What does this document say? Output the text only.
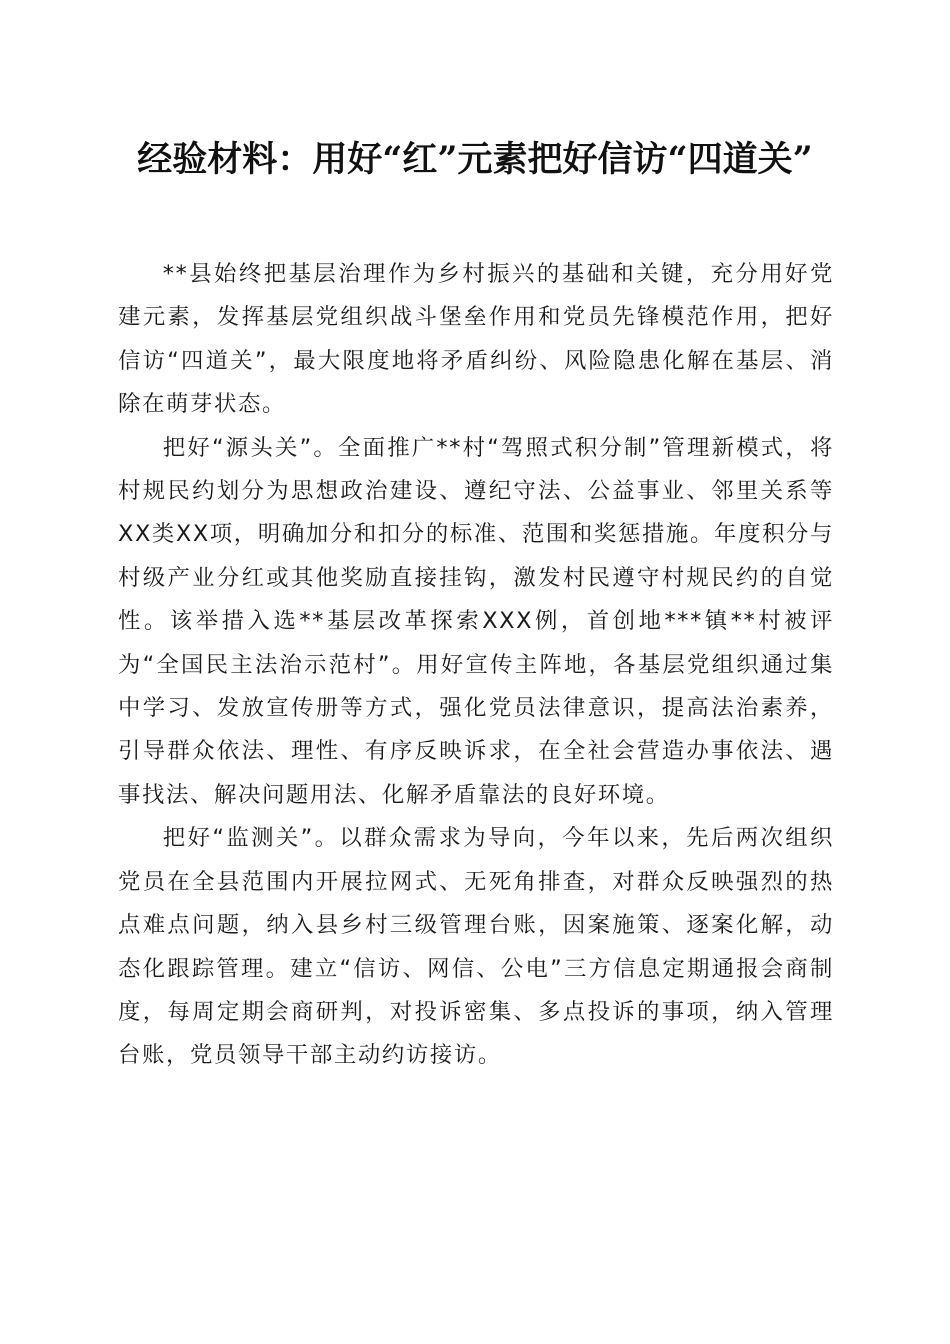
经验材料：用好“红”元素把好信访“四道关”

**县始终把基层治理作为乡村振兴的基础和关键，充分用好党建元素，发挥基层党组织战斗堡垒作用和党员先锋模范作用，把好信访“四道关”，最大限度地将矛盾纠纷、风险隐患化解在基层、消除在萌芽状态。

把好“源头关”。全面推广**村“驾照式积分制”管理新模式，将村规民约划分为思想政治建设、遵纪守法、公益事业、邻里关系等XX类XX项，明确加分和扣分的标准、范围和奖惩措施。年度积分与村级产业分红或其他奖励直接挂钩，激发村民遵守村规民约的自觉性。该举措入选**基层改革探索XXX例，首创地***镇**村被评为“全国民主法治示范村”。用好宣传主阵地，各基层党组织通过集中学习、发放宣传册等方式，强化党员法律意识，提高法治素养，引导群众依法、理性、有序反映诉求，在全社会营造办事依法、遇事找法、解决问题用法、化解矛盾靠法的良好环境。

把好“监测关”。以群众需求为导向，今年以来，先后两次组织党员在全县范围内开展拉网式、无死角排查，对群众反映强烈的热点难点问题，纳入县乡村三级管理台账，因案施策、逐案化解，动态化跟踪管理。建立“信访、网信、公电”三方信息定期通报会商制度，每周定期会商研判，对投诉密集、多点投诉的事项，纳入管理台账，党员领导干部主动约访接访。
